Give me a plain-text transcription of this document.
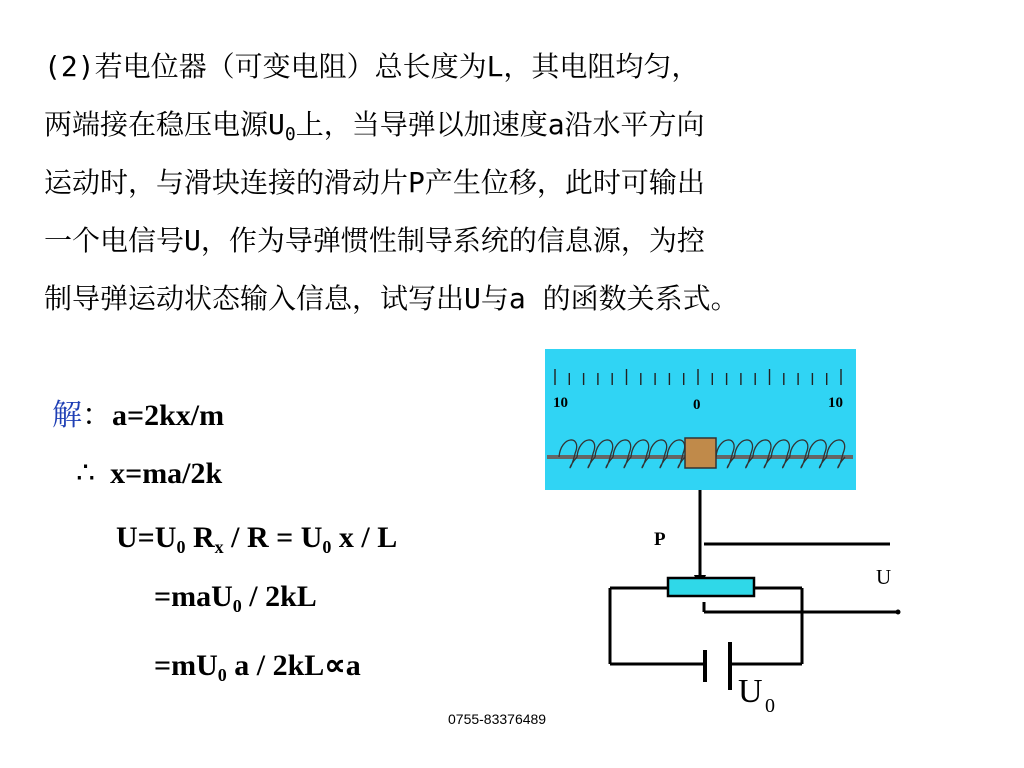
(2)若电位器（可变电阻）总长度为L，其电阻均匀，
两端接在稳压电源$U_0$上，当导弹以加速度a沿水平方向
运动时，与滑块连接的滑动片P产生位移，此时可输出
一个电信号U，作为导弹惯性制导系统的信息源，为控
制导弹运动状态输入信息，试写出U与a 的函数关系式。
解：a=2kx/m
∴ x=ma/2k
$U=U_0$ $R_x / R = U_0$ x / L
=maU$_0$ / 2kL
$=mU_0$ a / 2kL∝a
10	0	10
P
U
U 0
0755-83376489
